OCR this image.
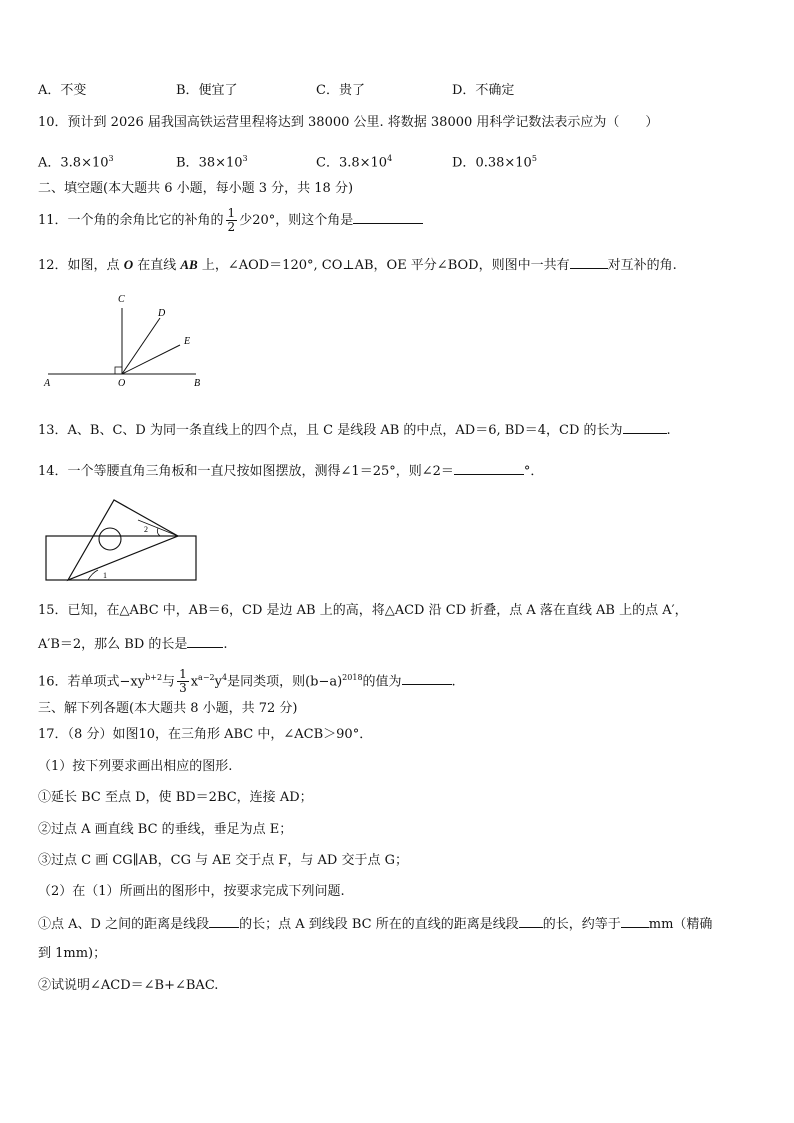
A．不变	B．便宜了	C．贵了	D．不确定
10．预计到 2026 届我国高铁运营里程将达到 38000 公里. 将数据 38000 用科学记数法表示应为（　　）
A．$3.8\times 10^3$	B．$38\times 10^3$	C．$3.8\times 10^4$	D．$0.38\times 10^5$
二、填空题(本大题共 6 小题，每小题 3 分，共 18 分)
11．一个角的余角比它的补角的 $\frac{1}{2}$ 少20°，则这个角是
12．如图，点 O 在直线 AB 上，∠AOD＝120°, CO⊥AB，OE 平分∠BOD，则图中一共有	对互补的角.
A	O	B
C
D
E
13．A、B、C、D 为同一条直线上的四个点，且 C 是线段 AB 的中点，AD＝6, BD＝4，CD 的长为	.
14．一个等腰直角三角板和一直尺按如图摆放，测得∠1＝25°，则∠2＝	°．
1
2
15．已知，在△ABC 中，AB＝6，CD 是边 AB 上的高，将△ACD 沿 CD 折叠，点 A 落在直线 AB 上的点 A′，
A′B＝2，那么 BD 的长是	.
16．若单项式$-xy^{b+2}$与 $\frac{1}{3} x^{a-2}y^4$是同类项，则$(b-a)^{2018}$的值为	.
三、解下列各题(本大题共 8 小题，共 72 分)
17．（8 分）如图10，在三角形 ABC 中，∠ACB＞90°．
（1）按下列要求画出相应的图形.
①延长 BC 至点 D，使 BD＝2BC，连接 AD；
②过点 A 画直线 BC 的垂线，垂足为点 E；
③过点 C 画 CG∥AB，CG 与 AE 交于点 F，与 AD 交于点 G；
（2）在（1）所画出的图形中，按要求完成下列问题.
①点 A、D 之间的距离是线段 的长；点 A 到线段 BC 所在的直线的距离是线段 的长，约等于 mm（精确
到 1mm)；
②试说明∠ACD＝∠B+∠BAC.
